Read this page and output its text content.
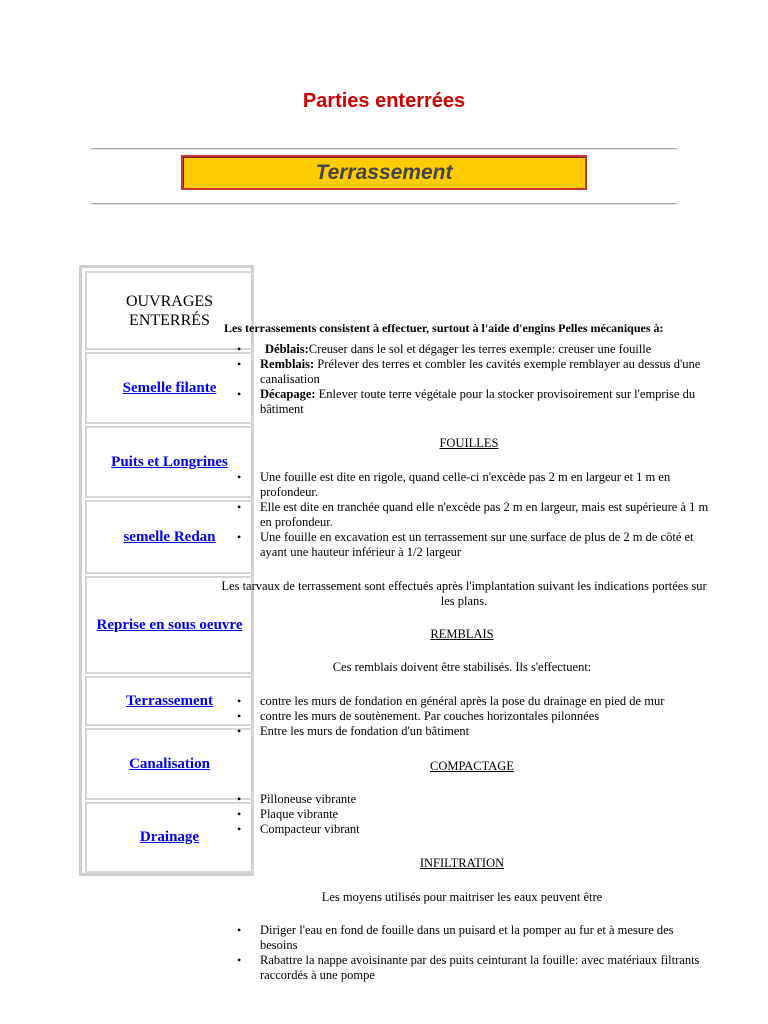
Parties enterrées
Terrassement
OUVRAGES
ENTERRÉS
Semelle filante
Puits et Longrines
semelle Redan
Reprise en sous oeuvre
Terrassement
Canalisation
Drainage
Les terrassements consistent à effectuer, surtout à l'aide d'engins Pelles mécaniques à:
• Déblais:Creuser dans le sol et dégager les terres exemple: creuser une fouille
• Remblais: Prélever des terres et combler les cavités exemple remblayer au dessus d'une canalisation
• Décapage: Enlever toute terre végétale pour la stocker provisoirement sur l'emprise du bâtiment
FOUILLES
• Une fouille est dite en rigole, quand celle-ci n'excède pas 2 m en largeur et 1 m en profondeur.
• Elle est dite en tranchée quand elle n'excède pas 2 m en largeur, mais est supérieure à 1 m en profondeur.
• Une fouille en excavation est un terrassement sur une surface de plus de 2 m de côté et ayant une hauteur inférieur à 1/2 largeur
Les tarvaux de terrassement sont effectués après l'implantation suivant les indications portées sur les plans.
REMBLAIS
Ces remblais doivent être stabilisés. Ils s'effectuent:
• contre les murs de fondation en général après la pose du drainage en pied de mur
• contre les murs de soutènement. Par couches horizontales pilonnées
• Entre les murs de fondation d'un bâtiment
COMPACTAGE
• Pilloneuse vibrante
• Plaque vibrante
• Compacteur vibrant
INFILTRATION
Les moyens utilisés pour maitriser les eaux peuvent être
• Diriger l'eau en fond de fouille dans un puisard et la pomper au fur et à mesure des besoins
• Rabattre la nappe avoisinante par des puits ceinturant la fouille: avec matériaux filtrants raccordés à une pompe
